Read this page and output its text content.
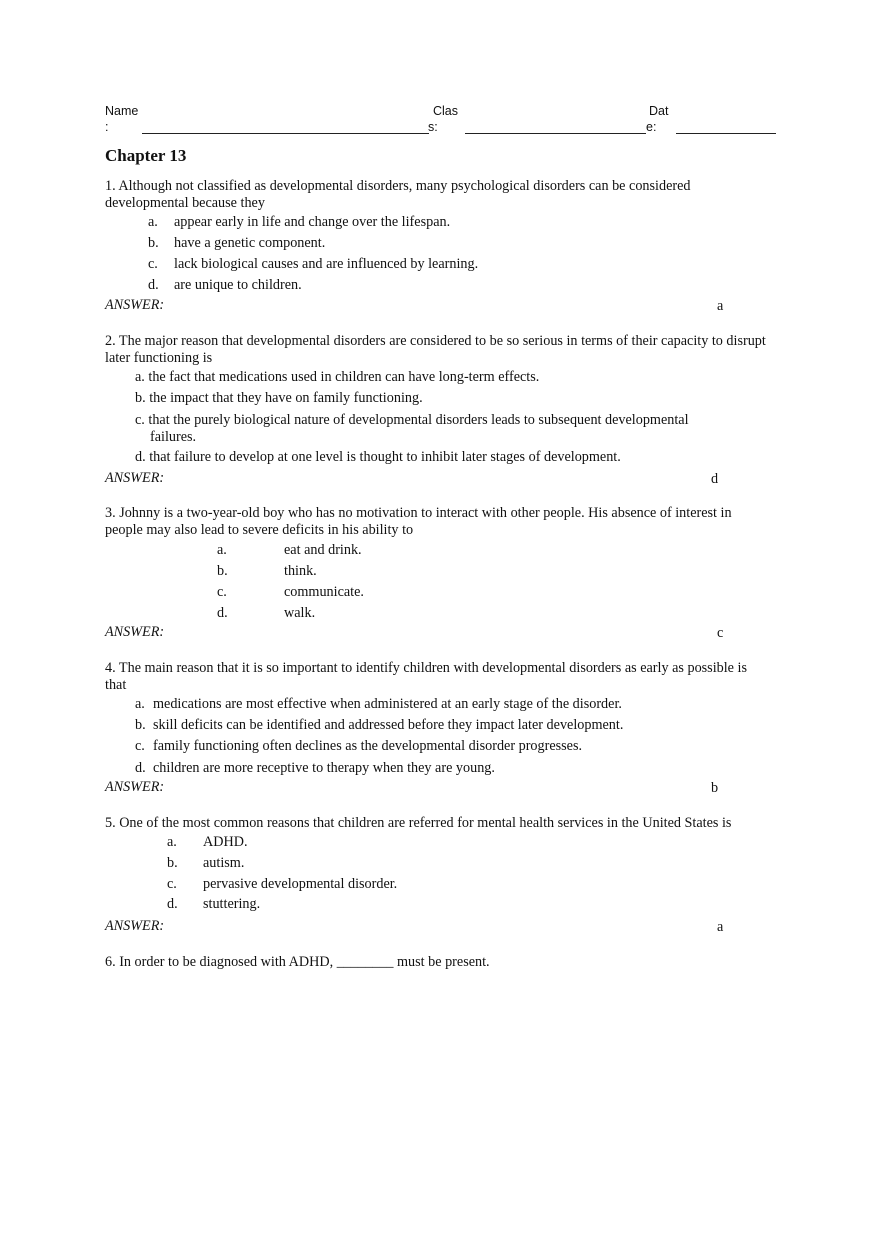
Name
:
Clas
s:
Dat
e:
Chapter 13
1. Although not classified as developmental disorders, many psychological disorders can be considered developmental because they
a. appear early in life and change over the lifespan.
b. have a genetic component.
c. lack biological causes and are influenced by learning.
d. are unique to children.
ANSWER:	a
2. The major reason that developmental disorders are considered to be so serious in terms of their capacity to disrupt later functioning is
a. the fact that medications used in children can have long-term effects.
b. the impact that they have on family functioning.
c. that the purely biological nature of developmental disorders leads to subsequent developmental
failures.
d. that failure to develop at one level is thought to inhibit later stages of development.
ANSWER:	d
3. Johnny is a two-year-old boy who has no motivation to interact with other people. His absence of interest in people may also lead to severe deficits in his ability to
a.	eat and drink.
b.	think.
c.	communicate.
d.	walk.
ANSWER:	c
4. The main reason that it is so important to identify children with developmental disorders as early as possible is that
a. medications are most effective when administered at an early stage of the disorder.
b. skill deficits can be identified and addressed before they impact later development.
c. family functioning often declines as the developmental disorder progresses.
d. children are more receptive to therapy when they are young.
ANSWER:	b
5. One of the most common reasons that children are referred for mental health services in the United States is
a. ADHD.
b. autism.
c. pervasive developmental disorder.
d. stuttering.
ANSWER:	a
6. In order to be diagnosed with ADHD, ________ must be present.
